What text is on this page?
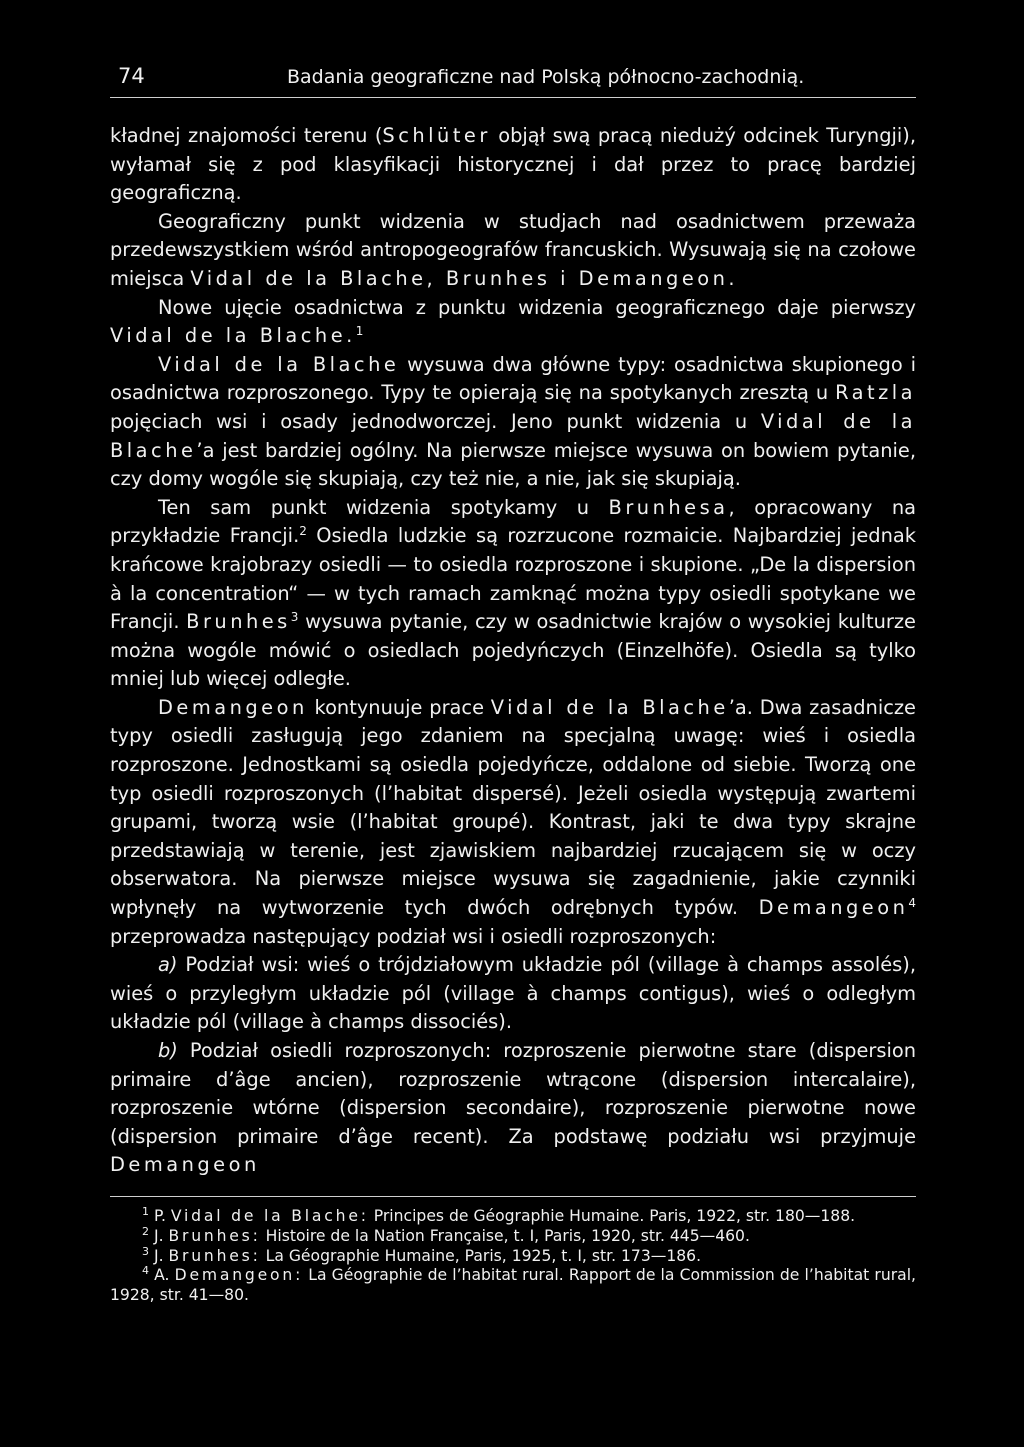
74	Badania geograficzne nad Polską północno-zachodnią.

kładnej znajomości terenu (Schlüter objął swą pracą niedużý odcinek Turyngji), wyłamał się z pod klasyfikacji historycznej i dał przez to pracę bardziej geograficzną.

Geograficzny punkt widzenia w studjach nad osadnictwem przeważa przedewszystkiem wśród antropogeografów francuskich. Wysuwają się na czołowe miejsca Vidal de la Blache, Brunhes i Demangeon.

Nowe ujęcie osadnictwa z punktu widzenia geograficznego daje pierwszy Vidal de la Blache.$^1$

Vidal de la Blache wysuwa dwa główne typy: osadnictwa skupionego i osadnictwa rozproszonego. Typy te opierają się na spotykanych zresztą u Ratzla pojęciach wsi i osady jednodworczej. Jeno punkt widzenia u Vidal de la Blache’a jest bardziej ogólny. Na pierwsze miejsce wysuwa on bowiem pytanie, czy domy wogóle się skupiają, czy też nie, a nie, jak się skupiają.

Ten sam punkt widzenia spotykamy u Brunhesa, opracowany na przykładzie Francji.$^2$ Osiedla ludzkie są rozrzucone rozmaicie. Najbardziej jednak krańcowe krajobrazy osiedli — to osiedla rozproszone i skupione. „De la dispersion à la concentration“ — w tych ramach zamknąć można typy osiedli spotykane we Francji. Brunhes$^3$ wysuwa pytanie, czy w osadnictwie krajów o wysokiej kulturze można wogóle mówić o osiedlach pojedyńczych (Einzelhöfe). Osiedla są tylko mniej lub więcej odległe.

Demangeon kontynuuje prace Vidal de la Blache’a. Dwa zasadnicze typy osiedli zasługują jego zdaniem na specjalną uwagę: wieś i osiedla rozproszone. Jednostkami są osiedla pojedyńcze, oddalone od siebie. Tworzą one typ osiedli rozproszonych (l’habitat dispersé). Jeżeli osiedla występują zwartemi grupami, tworzą wsie (l’habitat groupé). Kontrast, jaki te dwa typy skrajne przedstawiają w terenie, jest zjawiskiem najbardziej rzucającem się w oczy obserwatora. Na pierwsze miejsce wysuwa się zagadnienie, jakie czynniki wpłynęły na wytworzenie tych dwóch odrębnych typów. Demangeon$^4$ przeprowadza następujący podział wsi i osiedli rozproszonych:

a) Podział wsi: wieś o trójdziałowym układzie pól (village à champs assolés), wieś o przyległym układzie pól (village à champs contigus), wieś o odległym układzie pól (village à champs dissociés).

b) Podział osiedli rozproszonych: rozproszenie pierwotne stare (dispersion primaire d’âge ancien), rozproszenie wtrącone (dispersion intercalaire), rozproszenie wtórne (dispersion secondaire), rozproszenie pierwotne nowe (dispersion primaire d’âge recent). Za podstawę podziału wsi przyjmuje Demangeon

$^1$ P. Vidal de la Blache: Principes de Géographie Humaine. Paris, 1922, str. 180—188.

$^2$ J. Brunhes: Histoire de la Nation Française, t. I, Paris, 1920, str. 445—460.

$^3$ J. Brunhes: La Géographie Humaine, Paris, 1925, t. I, str. 173—186.

$^4$ A. Demangeon: La Géographie de l’habitat rural. Rapport de la Commission de l’habitat rural, 1928, str. 41—80.
